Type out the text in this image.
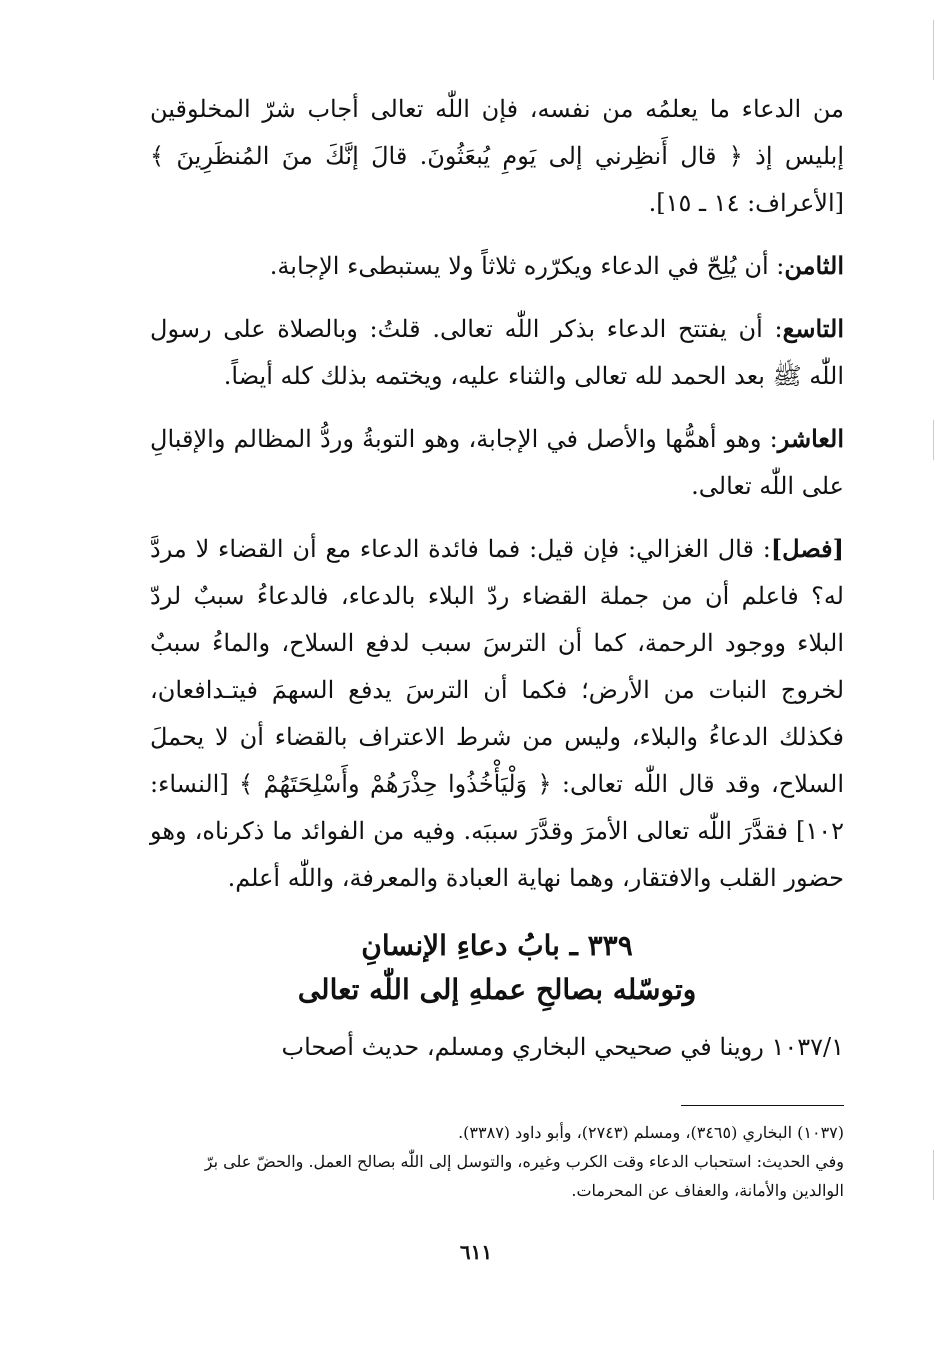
من الدعاء ما يعلمُه من نفسه، فإن اللّٰه تعالى أجاب شرّ المخلوقين إبليس إذ ﴿ قال أَنظِرني إلى يَومِ يُبعَثُونَ. قالَ إنَّكَ منَ المُنظَرِينَ ﴾ [الأعراف: ١٤ ـ ١٥].

الثامن: أن يُلِحّ في الدعاء ويكرّره ثلاثاً ولا يستبطىء الإجابة.

التاسع: أن يفتتح الدعاء بذكر اللّٰه تعالى. قلتُ: وبالصلاة على رسول اللّٰه ﷺ بعد الحمد لله تعالى والثناء عليه، ويختمه بذلك كله أيضاً.

العاشر: وهو أهمُّها والأصل في الإجابة، وهو التوبةُ وردُّ المظالم والإقبالِ على اللّٰه تعالى.

[فصل]: قال الغزالي: فإن قيل: فما فائدة الدعاء مع أن القضاء لا مردَّ له؟ فاعلم أن من جملة القضاء ردّ البلاء بالدعاء، فالدعاءُ سببٌ لردّ البلاء ووجود الرحمة، كما أن الترسَ سبب لدفع السلاح، والماءُ سببٌ لخروج النبات من الأرض؛ فكما أن الترسَ يدفع السهمَ فيتـدافعان، فكذلك الدعاءُ والبلاء، وليس من شرط الاعتراف بالقضاء أن لا يحملَ السلاح، وقد قال اللّٰه تعالى: ﴿ وَلْيَأْخُذُوا حِذْرَهُمْ وأَسْلِحَتَهُمْ ﴾ [النساء: ١٠٢] فقدَّرَ اللّٰه تعالى الأمرَ وقدَّرَ سببَه. وفيه من الفوائد ما ذكرناه، وهو حضور القلب والافتقار، وهما نهاية العبادة والمعرفة، واللّٰه أعلم.

٣٣٩ ـ بابُ دعاءِ الإنسانِ
وتوسّله بصالحِ عملهِ إلى اللّٰه تعالى

١٠٣٧/١ روينا في صحيحي البخاري ومسلم، حديث أصحاب

(١٠٣٧) البخاري (٣٤٦٥)، ومسلم (٢٧٤٣)، وأبو داود (٣٣٨٧).
وفي الحديث: استحباب الدعاء وقت الكرب وغيره، والتوسل إلى اللّٰه بصالح العمل. والحضّ على برّ الوالدين والأمانة، والعفاف عن المحرمات.
٦١١
